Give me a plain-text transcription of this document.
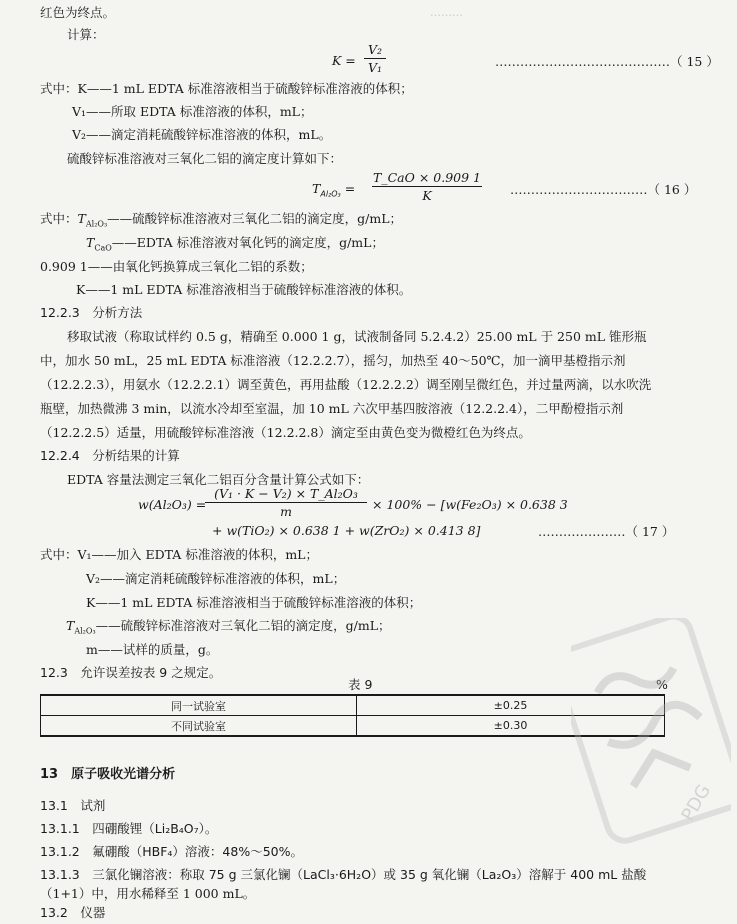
………
红色为终点。
计算：
K =
V₂
V₁	……………………………………（ 15 ）
式中：K——1 mL EDTA 标准溶液相当于硫酸锌标准溶液的体积；
V₁——所取 EDTA 标准溶液的体积，mL；
V₂——滴定消耗硫酸锌标准溶液的体积，mL。
硫酸锌标准溶液对三氧化二铝的滴定度计算如下：
$T_{Al_2O_3}$ =
T_CaO × 0.909 1
K	……………………………（ 16 ）
式中：$T_{Al_2O_3}——$硫酸锌标准溶液对三氧化二铝的滴定度，g/mL；
$T_{CaO}——EDTA$ 标准溶液对氧化钙的滴定度，g/mL；
0.909 1——由氧化钙换算成三氧化二铝的系数；
K——1 mL EDTA 标准溶液相当于硫酸锌标准溶液的体积。
12.2.3　分析方法
移取试液（称取试样约 0.5 g，精确至 0.000 1 g，试液制备同 5.2.4.2）25.00 mL 于 250 mL 锥形瓶
中，加水 50 mL，25 mL EDTA 标准溶液（12.2.2.7），摇匀，加热至 40～50℃，加一滴甲基橙指示剂
（12.2.2.3），用氨水（12.2.2.1）调至黄色，再用盐酸（12.2.2.2）调至刚呈微红色，并过量两滴，以水吹洗
瓶壁，加热微沸 3 min，以流水冷却至室温，加 10 mL 六次甲基四胺溶液（12.2.2.4），二甲酚橙指示剂
（12.2.2.5）适量，用硫酸锌标准溶液（12.2.2.8）滴定至由黄色变为微橙红色为终点。
12.2.4　分析结果的计算
EDTA 容量法测定三氧化二铝百分含量计算公式如下：
w(Al₂O₃) =
(V₁ · K − V₂) × T_Al₂O₃
m	× 100% − [w(Fe₂O₃) × 0.638 3
+ w(TiO₂) × 0.638 1 + w(ZrO₂) × 0.413 8]	…………………（ 17 ）
式中：V₁——加入 EDTA 标准溶液的体积，mL；
V₂——滴定消耗硫酸锌标准溶液的体积，mL；
K——1 mL EDTA 标准溶液相当于硫酸锌标准溶液的体积；
$T_{Al_2O_3}——$硫酸锌标准溶液对三氧化二铝的滴定度，g/mL；
m——试样的质量，g。
12.3　允许误差按表 9 之规定。
表 9	%
同一试验室	±0.25
不同试验室	±0.30
13　原子吸收光谱分析
13.1　试剂
13.1.1　四硼酸锂（Li₂B₄O₇）。
13.1.2　氟硼酸（HBF₄）溶液：48%～50%。
13.1.3　三氯化镧溶液：称取 75 g 三氯化镧（LaCl₃·6H₂O）或 35 g 氧化镧（La₂O₃）溶解于 400 mL 盐酸
（1+1）中，用水稀释至 1 000 mL。
13.2　仪器
PDG
